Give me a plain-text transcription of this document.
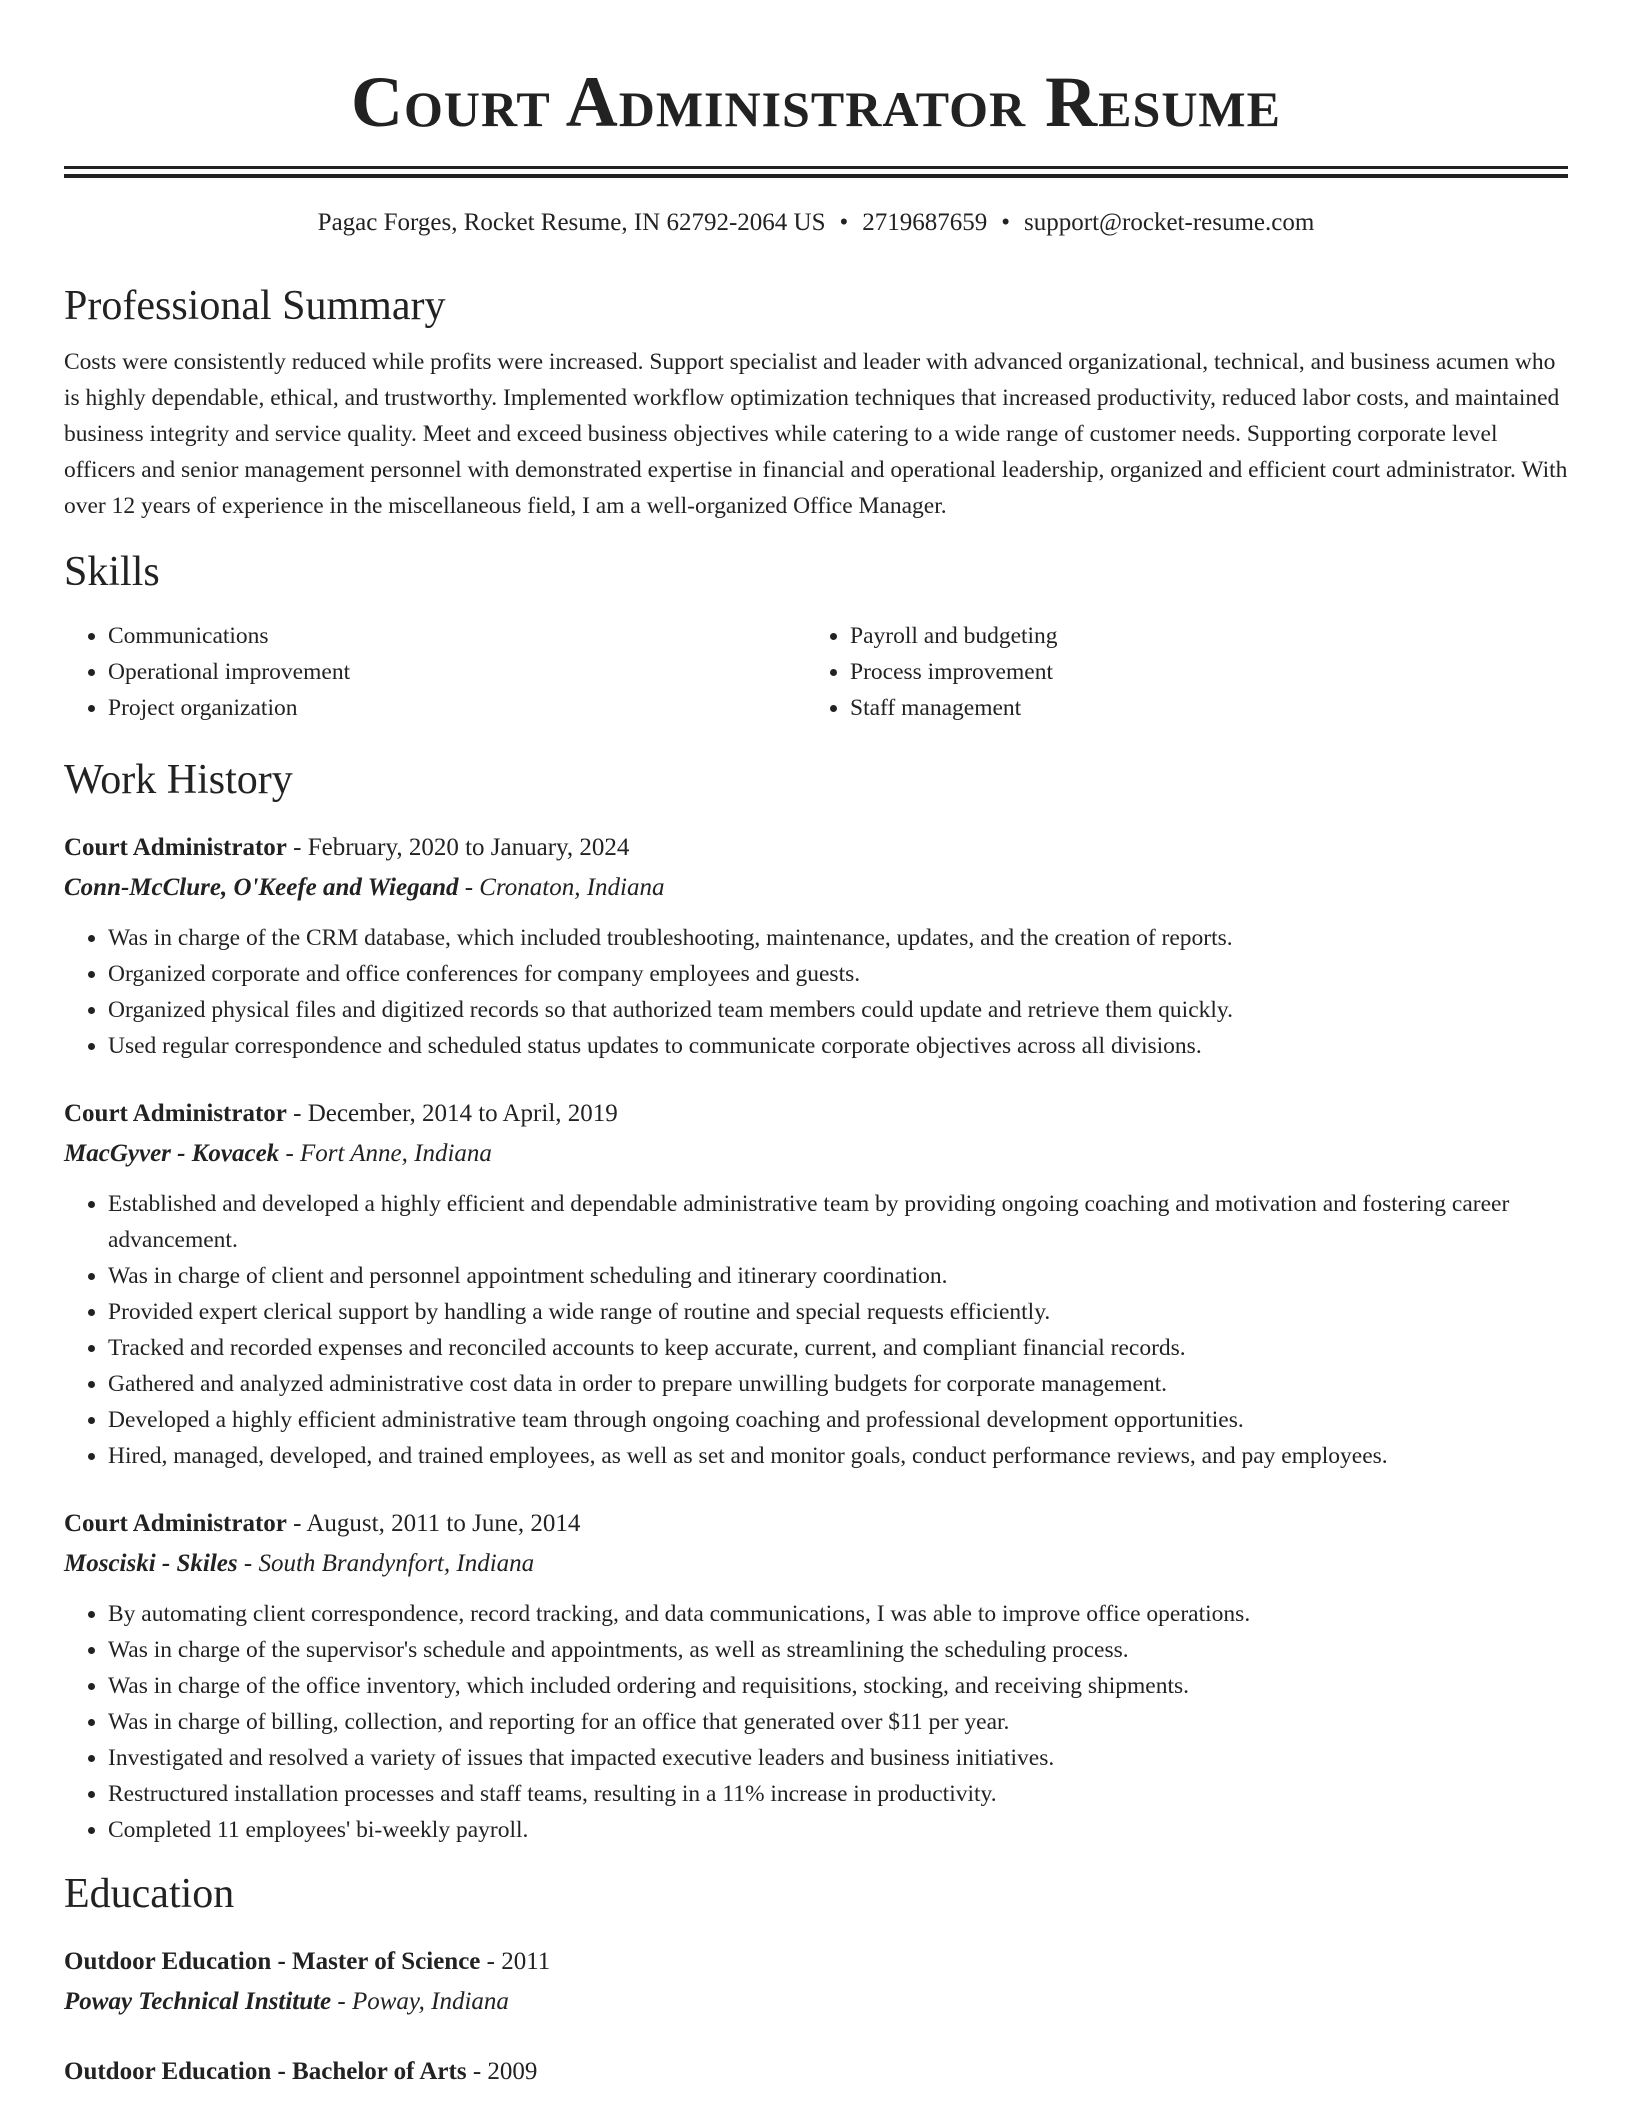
Court Administrator Resume
Pagac Forges, Rocket Resume, IN 62792-2064 US • 2719687659 • support@rocket-resume.com
Professional Summary

Costs were consistently reduced while profits were increased. Support specialist and leader with advanced organizational, technical, and business acumen who is highly dependable, ethical, and trustworthy. Implemented workflow optimization techniques that increased productivity, reduced labor costs, and maintained business integrity and service quality. Meet and exceed business objectives while catering to a wide range of customer needs. Supporting corporate level officers and senior management personnel with demonstrated expertise in financial and operational leadership, organized and efficient court administrator. With over 12 years of experience in the miscellaneous field, I am a well-organized Office Manager.

Skills
• Communications
• Operational improvement
• Project organization
• Payroll and budgeting
• Process improvement
• Staff management
Work History
Court Administrator - February, 2020 to January, 2024
Conn-McClure, O'Keefe and Wiegand - Cronaton, Indiana
• Was in charge of the CRM database, which included troubleshooting, maintenance, updates, and the creation of reports.
• Organized corporate and office conferences for company employees and guests.
• Organized physical files and digitized records so that authorized team members could update and retrieve them quickly.
• Used regular correspondence and scheduled status updates to communicate corporate objectives across all divisions.
Court Administrator - December, 2014 to April, 2019
MacGyver - Kovacek - Fort Anne, Indiana
• Established and developed a highly efficient and dependable administrative team by providing ongoing coaching and motivation and fostering career advancement.
• Was in charge of client and personnel appointment scheduling and itinerary coordination.
• Provided expert clerical support by handling a wide range of routine and special requests efficiently.
• Tracked and recorded expenses and reconciled accounts to keep accurate, current, and compliant financial records.
• Gathered and analyzed administrative cost data in order to prepare unwilling budgets for corporate management.
• Developed a highly efficient administrative team through ongoing coaching and professional development opportunities.
• Hired, managed, developed, and trained employees, as well as set and monitor goals, conduct performance reviews, and pay employees.
Court Administrator - August, 2011 to June, 2014
Mosciski - Skiles - South Brandynfort, Indiana
• By automating client correspondence, record tracking, and data communications, I was able to improve office operations.
• Was in charge of the supervisor's schedule and appointments, as well as streamlining the scheduling process.
• Was in charge of the office inventory, which included ordering and requisitions, stocking, and receiving shipments.
• Was in charge of billing, collection, and reporting for an office that generated over $11 per year.
• Investigated and resolved a variety of issues that impacted executive leaders and business initiatives.
• Restructured installation processes and staff teams, resulting in a 11% increase in productivity.
• Completed 11 employees' bi-weekly payroll.
Education
Outdoor Education - Master of Science - 2011
Poway Technical Institute - Poway, Indiana
Outdoor Education - Bachelor of Arts - 2009
